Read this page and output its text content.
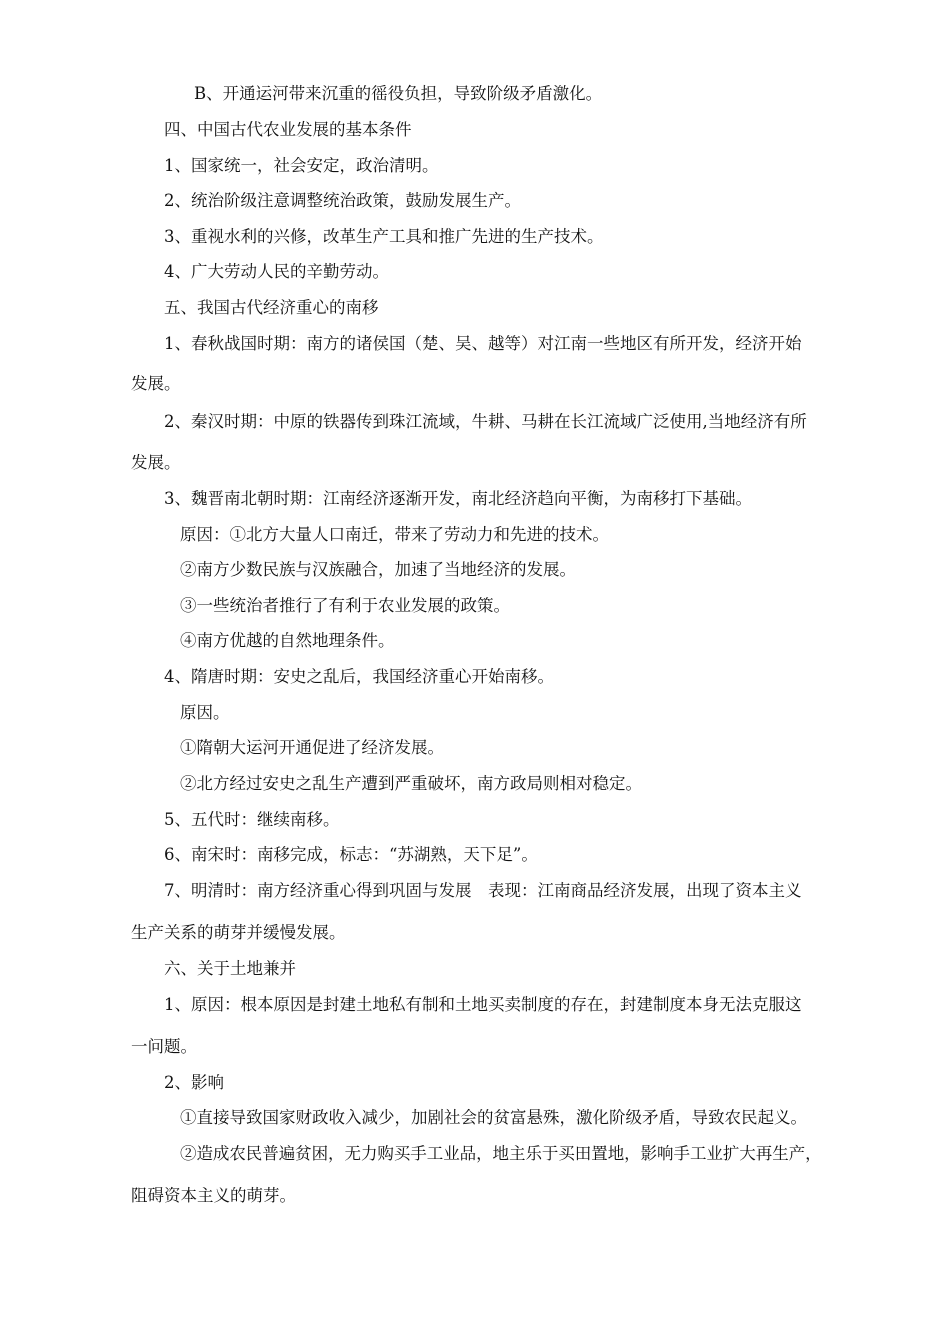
B、开通运河带来沉重的徭役负担，导致阶级矛盾激化。
四、中国古代农业发展的基本条件
1、国家统一，社会安定，政治清明。
2、统治阶级注意调整统治政策，鼓励发展生产。
3、重视水利的兴修，改革生产工具和推广先进的生产技术。
4、广大劳动人民的辛勤劳动。
五、我国古代经济重心的南移
1、春秋战国时期：南方的诸侯国（楚、吴、越等）对江南一些地区有所开发，经济开始
发展。
2、秦汉时期：中原的铁器传到珠江流域，牛耕、马耕在长江流域广泛使用,当地经济有所
发展。
3、魏晋南北朝时期：江南经济逐渐开发，南北经济趋向平衡，为南移打下基础。
原因：①北方大量人口南迁，带来了劳动力和先进的技术。
②南方少数民族与汉族融合，加速了当地经济的发展。
③一些统治者推行了有利于农业发展的政策。
④南方优越的自然地理条件。
4、隋唐时期：安史之乱后，我国经济重心开始南移。
原因。
①隋朝大运河开通促进了经济发展。
②北方经过安史之乱生产遭到严重破坏，南方政局则相对稳定。
5、五代时：继续南移。
6、南宋时：南移完成，标志：“苏湖熟，天下足”。
7、明清时：南方经济重心得到巩固与发展　表现：江南商品经济发展，出现了资本主义
生产关系的萌芽并缓慢发展。
六、关于土地兼并
1、原因：根本原因是封建土地私有制和土地买卖制度的存在，封建制度本身无法克服这
一问题。
2、影响
①直接导致国家财政收入减少，加剧社会的贫富悬殊，激化阶级矛盾，导致农民起义。
②造成农民普遍贫困，无力购买手工业品，地主乐于买田置地，影响手工业扩大再生产，
阻碍资本主义的萌芽。
